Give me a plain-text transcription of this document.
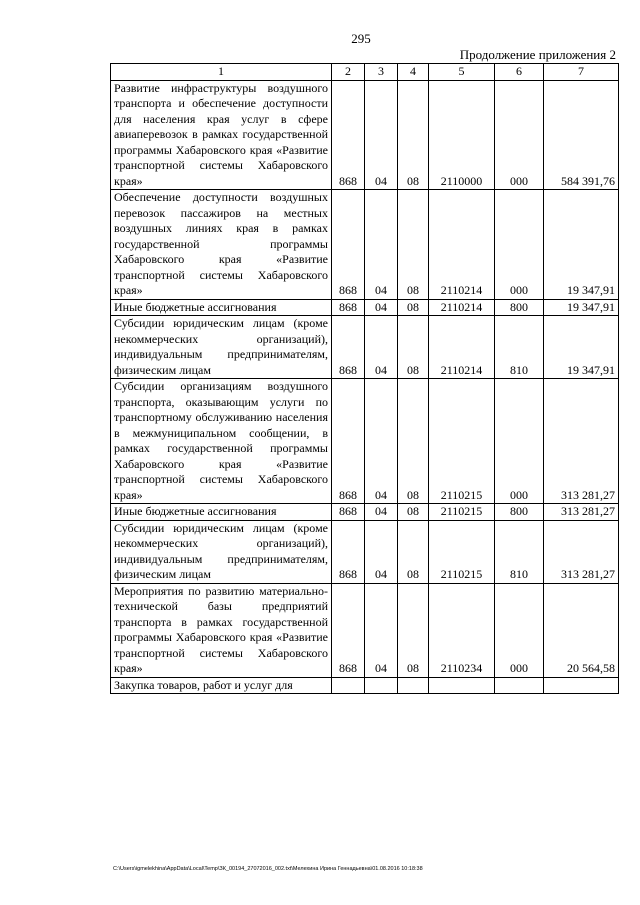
295
Продолжение приложения 2
1	2	3	4	5	6	7
Развитие инфраструктуры воздушного транспорта и обеспечение доступности для населения края услуг в сфере авиаперевозок в рамках государственной программы Хабаровского края «Развитие транспортной системы Хабаровского края»	868	04	08	2110000	000	584 391,76
Обеспечение доступности воздушных перевозок пассажиров на местных воздушных линиях края в рамках государственной программы Хабаровского края «Развитие транспортной системы Хабаровского края»	868	04	08	2110214	000	19 347,91
Иные бюджетные ассигнования	868	04	08	2110214	800	19 347,91
Субсидии юридическим лицам (кроме некоммерческих организаций), индивидуальным предпринимателям, физическим лицам	868	04	08	2110214	810	19 347,91
Субсидии организациям воздушного транспорта, оказывающим услуги по транспортному обслуживанию населения в межмуниципальном сообщении, в рамках государственной программы Хабаровского края «Развитие транспортной системы Хабаровского края»	868	04	08	2110215	000	313 281,27
Иные бюджетные ассигнования	868	04	08	2110215	800	313 281,27
Субсидии юридическим лицам (кроме некоммерческих организаций), индивидуальным предпринимателям, физическим лицам	868	04	08	2110215	810	313 281,27
Мероприятия по развитию материально-технической базы предприятий транспорта в рамках государственной программы Хабаровского края «Развитие транспортной системы Хабаровского края»	868	04	08	2110234	000	20 564,58
Закупка товаров, работ и услуг для						
C:\Users\igmelekhina\AppData\Local\Temp\ЗК_00194_27072016_002.txt\Мелехина Ирина Геннадьевна\01.08.2016 10:18:38
